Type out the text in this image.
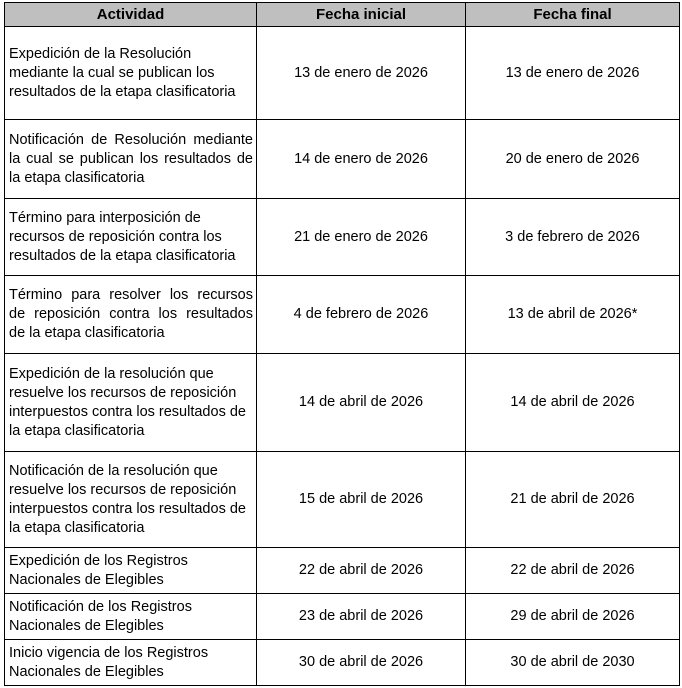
Actividad	Fecha inicial	Fecha final
Expedición de la Resolución mediante la cual se publican los resultados de la etapa clasificatoria	13 de enero de 2026	13 de enero de 2026
Notificación de Resolución mediante la cual se publican los resultados de la etapa clasificatoria	14 de enero de 2026	20 de enero de 2026
Término para interposición de recursos de reposición contra los resultados de la etapa clasificatoria	21 de enero de 2026	3 de febrero de 2026
Término para resolver los recursos de reposición contra los resultados de la etapa clasificatoria	4 de febrero de 2026	13 de abril de 2026*
Expedición de la resolución que resuelve los recursos de reposición interpuestos contra los resultados de la etapa clasificatoria	14 de abril de 2026	14 de abril de 2026
Notificación de la resolución que resuelve los recursos de reposición interpuestos contra los resultados de la etapa clasificatoria	15 de abril de 2026	21 de abril de 2026
Expedición de los Registros Nacionales de Elegibles	22 de abril de 2026	22 de abril de 2026
Notificación de los Registros Nacionales de Elegibles	23 de abril de 2026	29 de abril de 2026
Inicio vigencia de los Registros Nacionales de Elegibles	30 de abril de 2026	30 de abril de 2030
